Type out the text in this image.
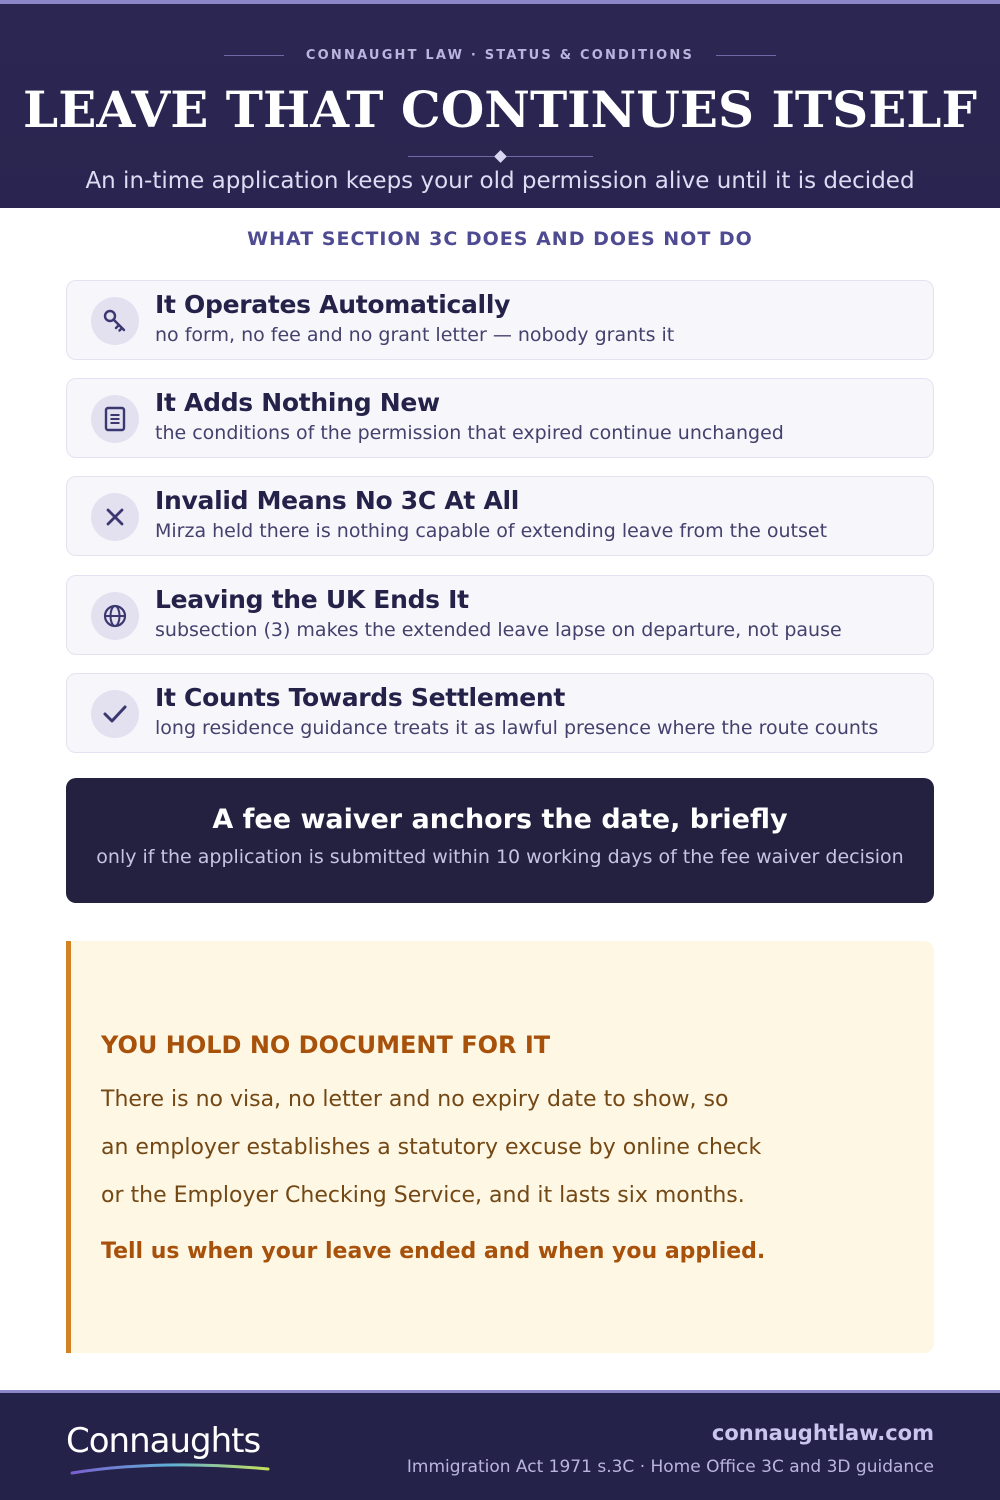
CONNAUGHT LAW · STATUS & CONDITIONS
LEAVE THAT CONTINUES ITSELF
An in-time application keeps your old permission alive until it is decided
WHAT SECTION 3C DOES AND DOES NOT DO
It Operates Automatically
no form, no fee and no grant letter — nobody grants it
It Adds Nothing New
the conditions of the permission that expired continue unchanged
Invalid Means No 3C At All
Mirza held there is nothing capable of extending leave from the outset
Leaving the UK Ends It
subsection (3) makes the extended leave lapse on departure, not pause
It Counts Towards Settlement
long residence guidance treats it as lawful presence where the route counts
A fee waiver anchors the date, briefly
only if the application is submitted within 10 working days of the fee waiver decision
YOU HOLD NO DOCUMENT FOR IT
There is no visa, no letter and no expiry date to show, so
an employer establishes a statutory excuse by online check
or the Employer Checking Service, and it lasts six months.
Tell us when your leave ended and when you applied.
Connaughts	connaughtlaw.com
Immigration Act 1971 s.3C · Home Office 3C and 3D guidance
